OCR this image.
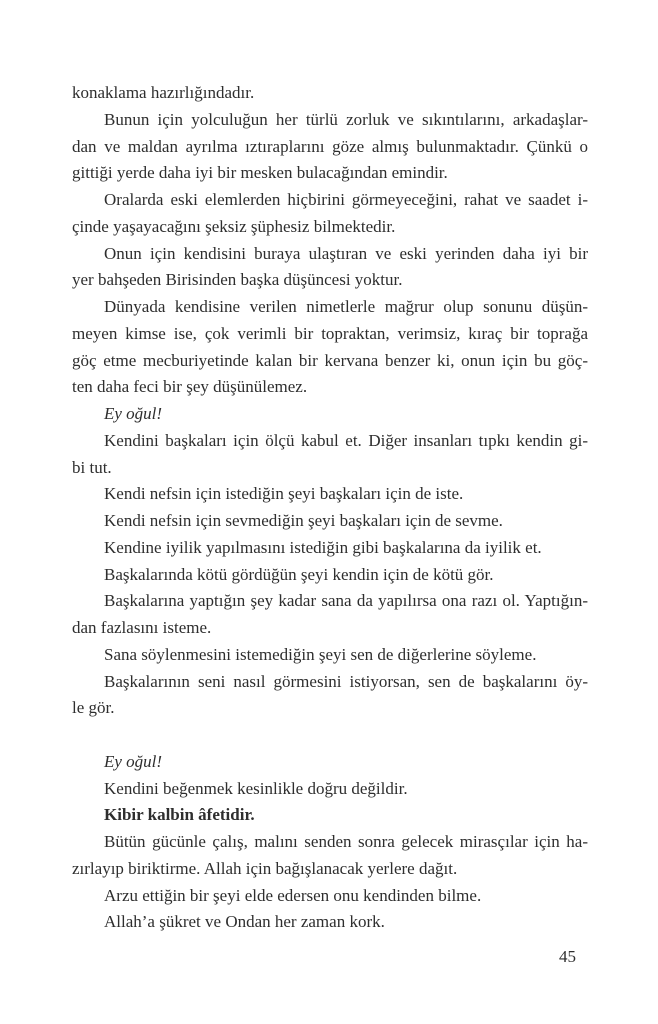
konaklama hazırlığındadır.
Bunun için yolculuğun her türlü zorluk ve sıkıntılarını, arkadaşlar-
dan ve maldan ayrılma ıztıraplarını göze almış bulunmaktadır. Çünkü o
gittiği yerde daha iyi bir mesken bulacağından emindir.
Oralarda eski elemlerden hiçbirini görmeyeceğini, rahat ve saadet i-
çinde yaşayacağını şeksiz şüphesiz bilmektedir.
Onun için kendisini buraya ulaştıran ve eski yerinden daha iyi bir
yer bahşeden Birisinden başka düşüncesi yoktur.
Dünyada kendisine verilen nimetlerle mağrur olup sonunu düşün-
meyen kimse ise, çok verimli bir topraktan, verimsiz, kıraç bir toprağa
göç etme mecburiyetinde kalan bir kervana benzer ki, onun için bu göç-
ten daha feci bir şey düşünülemez.
Ey oğul!
Kendini başkaları için ölçü kabul et. Diğer insanları tıpkı kendin gi-
bi tut.
Kendi nefsin için istediğin şeyi başkaları için de iste.
Kendi nefsin için sevmediğin şeyi başkaları için de sevme.
Kendine iyilik yapılmasını istediğin gibi başkalarına da iyilik et.
Başkalarında kötü gördüğün şeyi kendin için de kötü gör.
Başkalarına yaptığın şey kadar sana da yapılırsa ona razı ol. Yaptığın-
dan fazlasını isteme.
Sana söylenmesini istemediğin şeyi sen de diğerlerine söyleme.
Başkalarının seni nasıl görmesini istiyorsan, sen de başkalarını öy-
le gör.
Ey oğul!
Kendini beğenmek kesinlikle doğru değildir.
Kibir kalbin âfetidir.
Bütün gücünle çalış, malını senden sonra gelecek mirasçılar için ha-
zırlayıp biriktirme. Allah için bağışlanacak yerlere dağıt.
Arzu ettiğin bir şeyi elde edersen onu kendinden bilme.
Allah’a şükret ve Ondan her zaman kork.
45
